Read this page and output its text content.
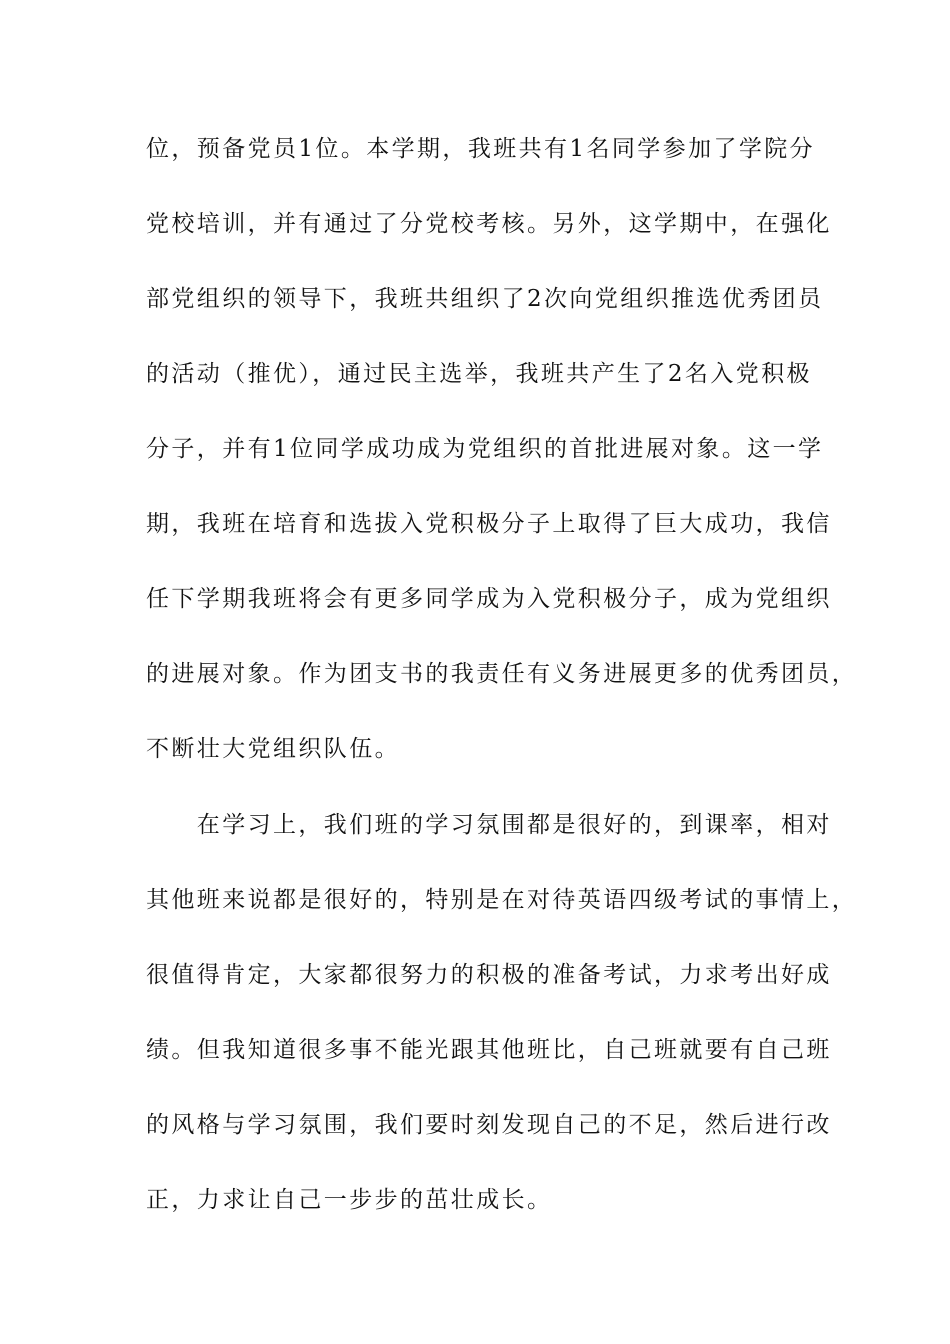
位，预备党员1位。本学期，我班共有1名同学参加了学院分
党校培训，并有通过了分党校考核。另外，这学期中，在强化
部党组织的领导下，我班共组织了2次向党组织推选优秀团员
的活动（推优），通过民主选举，我班共产生了2名入党积极
分子，并有1位同学成功成为党组织的首批进展对象。这一学
期，我班在培育和选拔入党积极分子上取得了巨大成功，我信
任下学期我班将会有更多同学成为入党积极分子，成为党组织
的进展对象。作为团支书的我责任有义务进展更多的优秀团员，
不断壮大党组织队伍。
　　在学习上，我们班的学习氛围都是很好的，到课率，相对
其他班来说都是很好的，特别是在对待英语四级考试的事情上，
很值得肯定，大家都很努力的积极的准备考试，力求考出好成
绩。但我知道很多事不能光跟其他班比，自己班就要有自己班
的风格与学习氛围，我们要时刻发现自己的不足，然后进行改
正，力求让自己一步步的茁壮成长。
